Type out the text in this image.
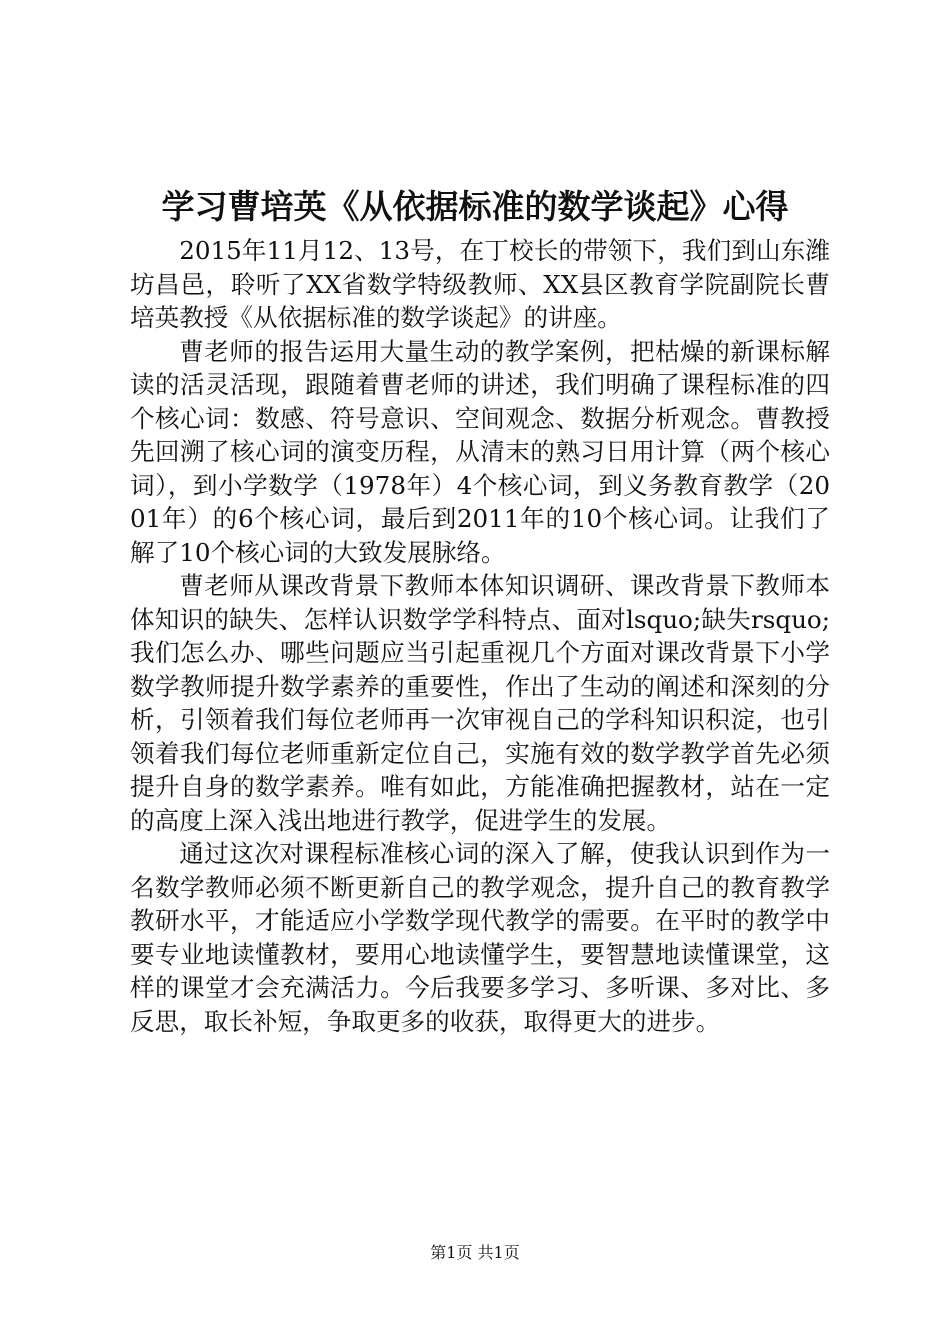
学习曹培英《从依据标准的数学谈起》心得

2015年11月12、13号，在丁校长的带领下，我们到山东潍坊昌邑，聆听了XX省数学特级教师、XX县区教育学院副院长曹培英教授《从依据标准的数学谈起》的讲座。

曹老师的报告运用大量生动的教学案例，把枯燥的新课标解读的活灵活现，跟随着曹老师的讲述，我们明确了课程标准的四个核心词：数感、符号意识、空间观念、数据分析观念。曹教授先回溯了核心词的演变历程，从清末的熟习日用计算（两个核心词），到小学数学（1978年）4个核心词，到义务教育教学（2001年）的6个核心词，最后到2011年的10个核心词。让我们了解了10个核心词的大致发展脉络。

曹老师从课改背景下教师本体知识调研、课改背景下教师本体知识的缺失、怎样认识数学学科特点、面对lsquo;缺失rsquo;我们怎么办、哪些问题应当引起重视几个方面对课改背景下小学数学教师提升数学素养的重要性，作出了生动的阐述和深刻的分析，引领着我们每位老师再一次审视自己的学科知识积淀，也引领着我们每位老师重新定位自己，实施有效的数学教学首先必须提升自身的数学素养。唯有如此，方能准确把握教材，站在一定的高度上深入浅出地进行教学，促进学生的发展。

通过这次对课程标准核心词的深入了解，使我认识到作为一名数学教师必须不断更新自己的教学观念，提升自己的教育教学教研水平，才能适应小学数学现代教学的需要。在平时的教学中要专业地读懂教材，要用心地读懂学生，要智慧地读懂课堂，这样的课堂才会充满活力。今后我要多学习、多听课、多对比、多反思，取长补短，争取更多的收获，取得更大的进步。

第1页 共1页
